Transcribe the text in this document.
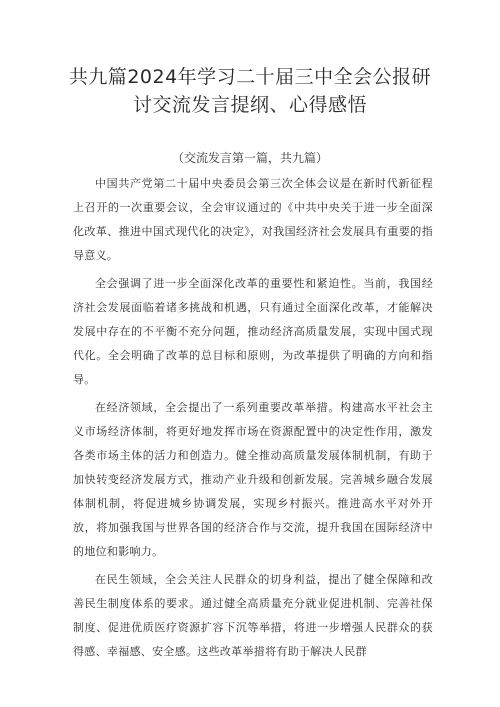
共九篇2024年学习二十届三中全会公报研
讨交流发言提纲、心得感悟

（交流发言第一篇，共九篇）

中国共产党第二十届中央委员会第三次全体会议是在新时代新征程上召开的一次重要会议，全会审议通过的《中共中央关于进一步全面深化改革、推进中国式现代化的决定》，对我国经济社会发展具有重要的指导意义。

全会强调了进一步全面深化改革的重要性和紧迫性。当前，我国经济社会发展面临着诸多挑战和机遇，只有通过全面深化改革，才能解决发展中存在的不平衡不充分问题，推动经济高质量发展，实现中国式现代化。全会明确了改革的总目标和原则，为改革提供了明确的方向和指导。

在经济领域，全会提出了一系列重要改革举措。构建高水平社会主义市场经济体制，将更好地发挥市场在资源配置中的决定性作用，激发各类市场主体的活力和创造力。健全推动高质量发展体制机制，有助于加快转变经济发展方式，推动产业升级和创新发展。完善城乡融合发展体制机制，将促进城乡协调发展，实现乡村振兴。推进高水平对外开放，将加强我国与世界各国的经济合作与交流，提升我国在国际经济中的地位和影响力。

在民生领域，全会关注人民群众的切身利益，提出了健全保障和改善民生制度体系的要求。通过健全高质量充分就业促进机制、完善社保制度、促进优质医疗资源扩容下沉等举措，将进一步增强人民群众的获得感、幸福感、安全感。这些改革举措将有助于解决人民群
